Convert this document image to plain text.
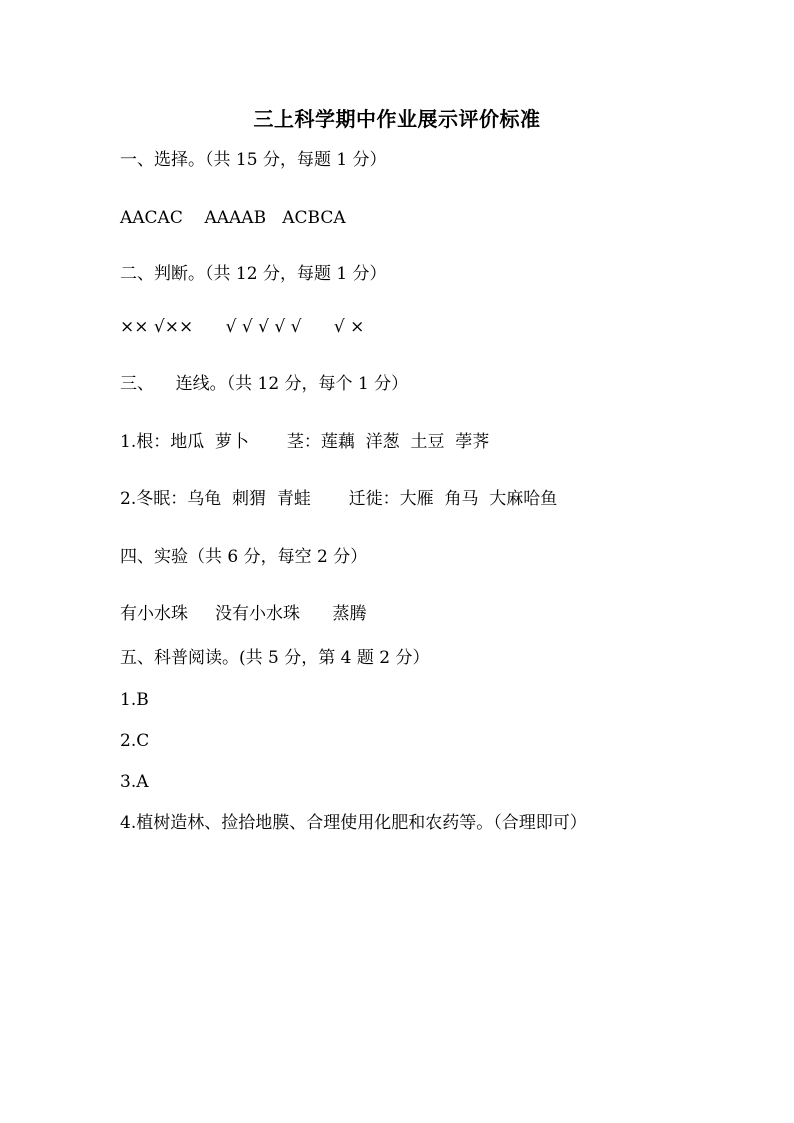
三上科学期中作业展示评价标准
一、选择。（共 15 分，每题 1 分）
AACAC    AAAAB   ACBCA
二、判断。（共 12 分，每题 1 分）
×× √××      √ √ √ √ √      √ ×
三、    连线。（共 12 分，每个 1 分）
1.根：地瓜  萝卜       茎：莲藕  洋葱  土豆  荸荠
2.冬眠：乌龟  刺猬  青蛙       迁徙：大雁  角马  大麻哈鱼
四、实验（共 6 分，每空 2 分）
有小水珠     没有小水珠      蒸腾
五、科普阅读。(共 5 分，第 4 题 2 分）
1.B
2.C
3.A
4.植树造林、捡拾地膜、合理使用化肥和农药等。（合理即可）
